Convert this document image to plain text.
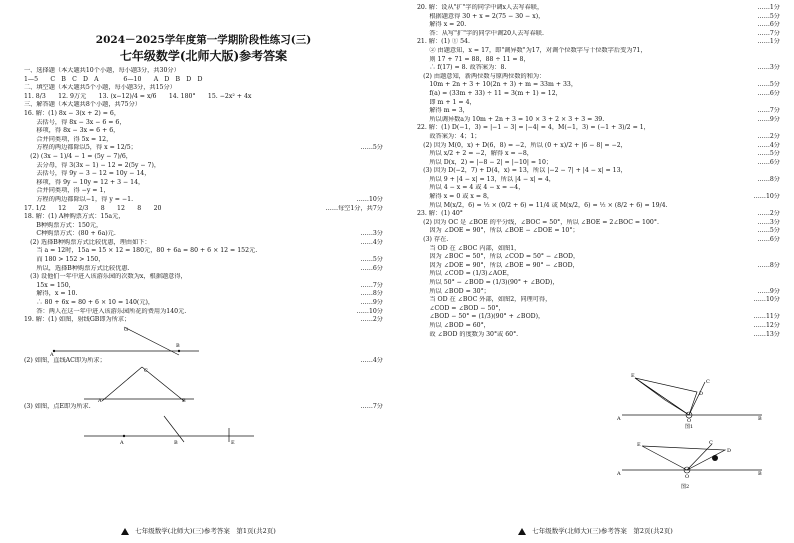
2024－2025学年度第一学期阶段性练习(三)
七年级数学(北师大版)参考答案
一、选择题（本大题共10个小题，每小题3分，共30分）
1—5　　C　B　C　D　A　　　　6—10　　A　D　B　D　D
二、填空题（本大题共5个小题，每小题3分，共15分）
11. 8/3　　12. 9万元　　13. (x−12)/4 = x/6　　14. 180°　　15. −2x² + 4x
三、解答题（本大题共8个小题，共75分）
16. 解：(1) 8x − 3(x + 2) = 6，
　　去括号，得 8x − 3x − 6 = 6，
　　移项，得 8x − 3x = 6 + 6，
　　合并同类项，得 5x = 12，
　　方程的两边都除以5，得 x = 12/5；	……5分
　(2) (3x − 1)/4 − 1 = (5y − 7)/6，
　　去分母，得 3(3x − 1) − 12 = 2(5y − 7)，
　　去括号，得 9y − 3 − 12 = 10y − 14，
　　移项，得 9y − 10y = 12 + 3 − 14，
　　合并同类项，得 −y = 1，
　　方程的两边都除以−1，得 y = −1.	……10分
17. 1/2　　12　　2/3　　8　　12　　8　　20	……每空1分，共7分
18. 解：(1) A种购票方式：15a元，
　　B种购票方式：150元，
　　C种购票方式：(80 + 6a)元.	……3分
　(2) 选择B种购票方式比较优惠，理由如下：	……4分
　　当 a = 12时，15a = 15 × 12 = 180元，80 + 6a = 80 + 6 × 12 = 152元.
　　而 180 > 152 > 150，	……5分
　　所以，选择B种购票方式比较优惠.	……6分
　(3) 设他们一年中进入该游乐园的次数为x，根据题意得，
　　15x = 150，	……7分
　　解得，x = 10.	……8分
　　∴ 80 + 6x = 80 + 6 × 10 = 140(元)，	……9分
　　答：两人在这一年中进入该游乐园所花的费用为140元.	……10分
19. 解：(1) 如图，射线GB即为所求；	……2分
A
B
G
(2) 如图，直线AC即为所求；	……4分
C
A	B
(3) 如图，点E即为所求.	……7分
A	B	E
七年级数学(北师大)(三)参考答案　第1页(共2页)
20. 解：设从"扩"字的同学中调x人去写春联，	……1分
　　根据题意得 30 + x = 2(75 − 30 − x)，	……5分
　　解得 x = 20.	……6分
　　答：从写"扩"字的同学中调20人去写春联.	……7分
21. 解：(1) ① 54.	……1分
　　② 由题意知，x = 17，即"调异数"为17，对调个位数字与十位数字后变为71，
　　则 17 + 71 = 88，88 ÷ 11 = 8，
　　∴ f(17) = 8. 故答案为：8.	……3分
　(2) 由题意知，新两位数与原两位数的和为：
　　10m + 2n + 3 + 10(2n + 3) + m = 33m + 33，	……5分
　　f(a) = (33m + 33) ÷ 11 = 3(m + 1) = 12，	……6分
　　即 m + 1 = 4，
　　解得 m = 3，	……7分
　　所以调异数a为 10m + 2n + 3 = 10 × 3 + 2 × 3 + 3 = 39.	……9分
22. 解：(1) D(−1，3) = |−1 − 3| = |−4| = 4，M(−1，3) = (−1 + 3)/2 = 1，
　　故答案为：4；1；	……2分
　(2) 因为 M(0，x) + D(6，8) = −2，所以 (0 + x)/2 + |6 − 8| = −2，	……4分
　　所以 x/2 + 2 = −2，解得 x = −8，	……5分
　　所以 D(x，2) = |−8 − 2| = |−10| = 10；	……6分
　(3) 因为 D(−2，7) + D(4，x) = 13，所以 |−2 − 7| + |4 − x| = 13，
　　所以 9 + |4 − x| = 13，所以 |4 − x| = 4，	……8分
　　所以 4 − x = 4 或 4 − x = −4，
　　解得 x = 0 或 x = 8，	……10分
　　所以 M(x/2，6) = ½ × (0/2 + 6) = 11/4 或 M(x/2，6) = ½ × (8/2 + 6) = 19/4.
23. 解：(1) 40°	……2分
　(2) 因为 OC 是 ∠BOE 的平分线，∠BOC = 50°，所以 ∠BOE = 2∠BOC = 100°.	……3分
　　因为 ∠DOE = 90°，所以 ∠BOE − ∠DOE = 10°；	……5分
　(3) 存在.	……6分
　　当 OD 在 ∠BOC 内部，如图1，
　　因为 ∠BOC = 50°，所以 ∠COD = 50° − ∠BOD，
　　因为 ∠DOE = 90°，所以 ∠BOE = 90° − ∠BOD，	……8分
　　所以 ∠COD = (1/3)∠AOE，
　　所以 50° − ∠BOD = (1/3)(90° + ∠BOD)，
　　所以 ∠BOD = 30°；	……9分
　　当 OD 在 ∠BOC 外部，如图2，同理可得，	……10分
　　∠COD = ∠BOD − 50°，
　　∠BOD − 50° = (1/3)(90° + ∠BOD)，	……11分
　　所以 ∠BOD = 60°，	……12分
　　故 ∠BOD 的度数为 30°或 60°.	……13分
A	B
E
C
O
D
图1
A	B
E	C
D
O
图2
七年级数学(北师大)(三)参考答案　第2页(共2页)
